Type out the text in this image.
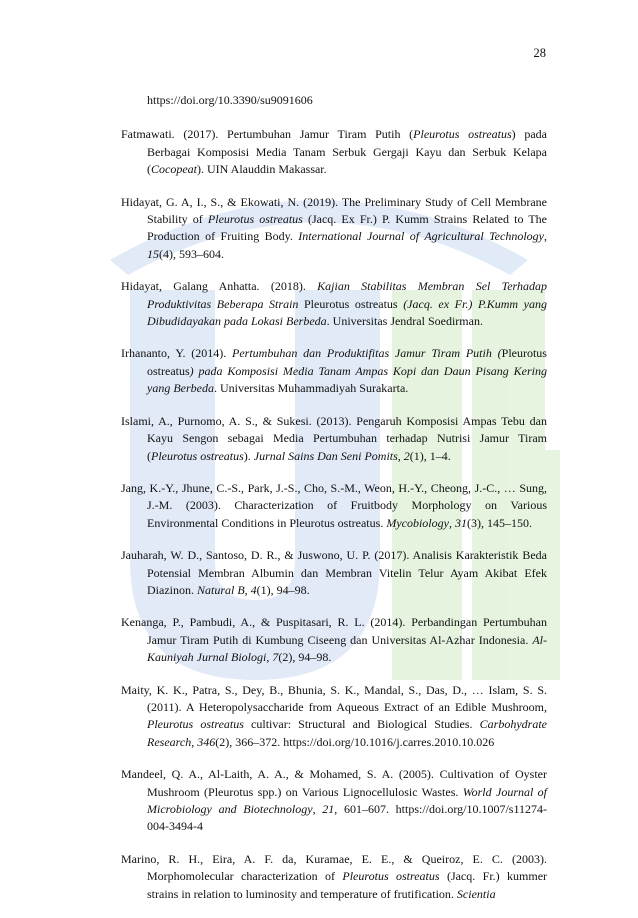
28

https://doi.org/10.3390/su9091606

Fatmawati. (2017). Pertumbuhan Jamur Tiram Putih (Pleurotus ostreatus) pada Berbagai Komposisi Media Tanam Serbuk Gergaji Kayu dan Serbuk Kelapa (Cocopeat). UIN Alauddin Makassar.

Hidayat, G. A, I., S., & Ekowati, N. (2019). The Preliminary Study of Cell Membrane Stability of Pleurotus ostreatus (Jacq. Ex Fr.) P. Kumm Strains Related to The Production of Fruiting Body. International Journal of Agricultural Technology, 15(4), 593–604.

Hidayat, Galang Anhatta. (2018). Kajian Stabilitas Membran Sel Terhadap Produktivitas Beberapa Strain Pleurotus ostreatus (Jacq. ex Fr.) P.Kumm yang Dibudidayakan pada Lokasi Berbeda. Universitas Jendral Soedirman.

Irhananto, Y. (2014). Pertumbuhan dan Produktifitas Jamur Tiram Putih (Pleurotus ostreatus) pada Komposisi Media Tanam Ampas Kopi dan Daun Pisang Kering yang Berbeda. Universitas Muhammadiyah Surakarta.

Islami, A., Purnomo, A. S., & Sukesi. (2013). Pengaruh Komposisi Ampas Tebu dan Kayu Sengon sebagai Media Pertumbuhan terhadap Nutrisi Jamur Tiram (Pleurotus ostreatus). Jurnal Sains Dan Seni Pomits, 2(1), 1–4.

Jang, K.-Y., Jhune, C.-S., Park, J.-S., Cho, S.-M., Weon, H.-Y., Cheong, J.-C., … Sung, J.-M. (2003). Characterization of Fruitbody Morphology on Various Environmental Conditions in Pleurotus ostreatus. Mycobiology, 31(3), 145–150.

Jauharah, W. D., Santoso, D. R., & Juswono, U. P. (2017). Analisis Karakteristik Beda Potensial Membran Albumin dan Membran Vitelin Telur Ayam Akibat Efek Diazinon. Natural B, 4(1), 94–98.

Kenanga, P., Pambudi, A., & Puspitasari, R. L. (2014). Perbandingan Pertumbuhan Jamur Tiram Putih di Kumbung Ciseeng dan Universitas Al-Azhar Indonesia. Al-Kauniyah Jurnal Biologi, 7(2), 94–98.

Maity, K. K., Patra, S., Dey, B., Bhunia, S. K., Mandal, S., Das, D., … Islam, S. S. (2011). A Heteropolysaccharide from Aqueous Extract of an Edible Mushroom, Pleurotus ostreatus cultivar: Structural and Biological Studies. Carbohydrate Research, 346(2), 366–372. https://doi.org/10.1016/j.carres.2010.10.026

Mandeel, Q. A., Al-Laith, A. A., & Mohamed, S. A. (2005). Cultivation of Oyster Mushroom (Pleurotus spp.) on Various Lignocellulosic Wastes. World Journal of Microbiology and Biotechnology, 21, 601–607. https://doi.org/10.1007/s11274-004-3494-4

Marino, R. H., Eira, A. F. da, Kuramae, E. E., & Queiroz, E. C. (2003). Morphomolecular characterization of Pleurotus ostreatus (Jacq. Fr.) kummer strains in relation to luminosity and temperature of frutification. Scientia
